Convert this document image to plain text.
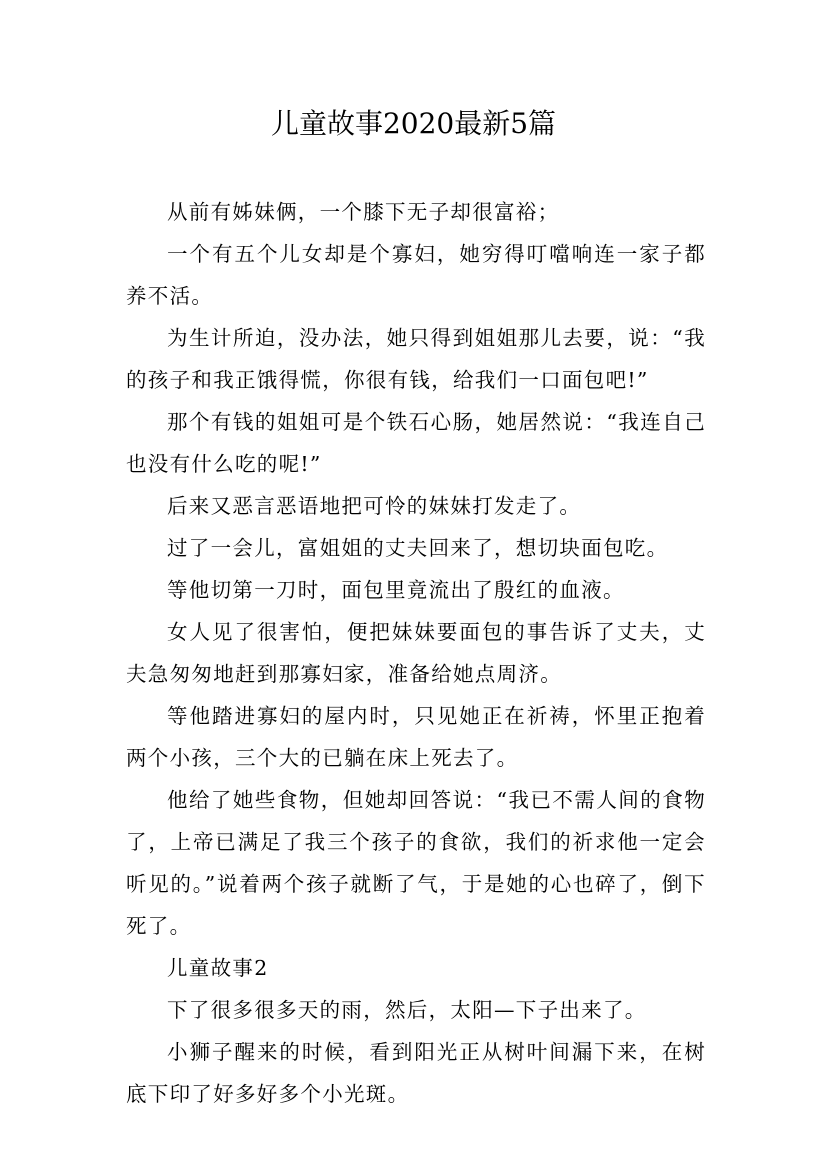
儿童故事2020最新5篇

从前有姊妹俩，一个膝下无子却很富裕；

一个有五个儿女却是个寡妇，她穷得叮噹响连一家子都养不活。

为生计所迫，没办法，她只得到姐姐那儿去要，说：“我的孩子和我正饿得慌，你很有钱，给我们一口面包吧!”

那个有钱的姐姐可是个铁石心肠，她居然说：“我连自己也没有什么吃的呢!”

后来又恶言恶语地把可怜的妹妹打发走了。

过了一会儿，富姐姐的丈夫回来了，想切块面包吃。

等他切第一刀时，面包里竟流出了殷红的血液。

女人见了很害怕，便把妹妹要面包的事告诉了丈夫，丈夫急匆匆地赶到那寡妇家，准备给她点周济。

等他踏进寡妇的屋内时，只见她正在祈祷，怀里正抱着两个小孩，三个大的已躺在床上死去了。

他给了她些食物，但她却回答说：“我已不需人间的食物了，上帝已满足了我三个孩子的食欲，我们的祈求他一定会听见的。”说着两个孩子就断了气，于是她的心也碎了，倒下死了。

儿童故事2

下了很多很多天的雨，然后，太阳—下子出来了。

小狮子醒来的时候，看到阳光正从树叶间漏下来，在树底下印了好多好多个小光斑。
